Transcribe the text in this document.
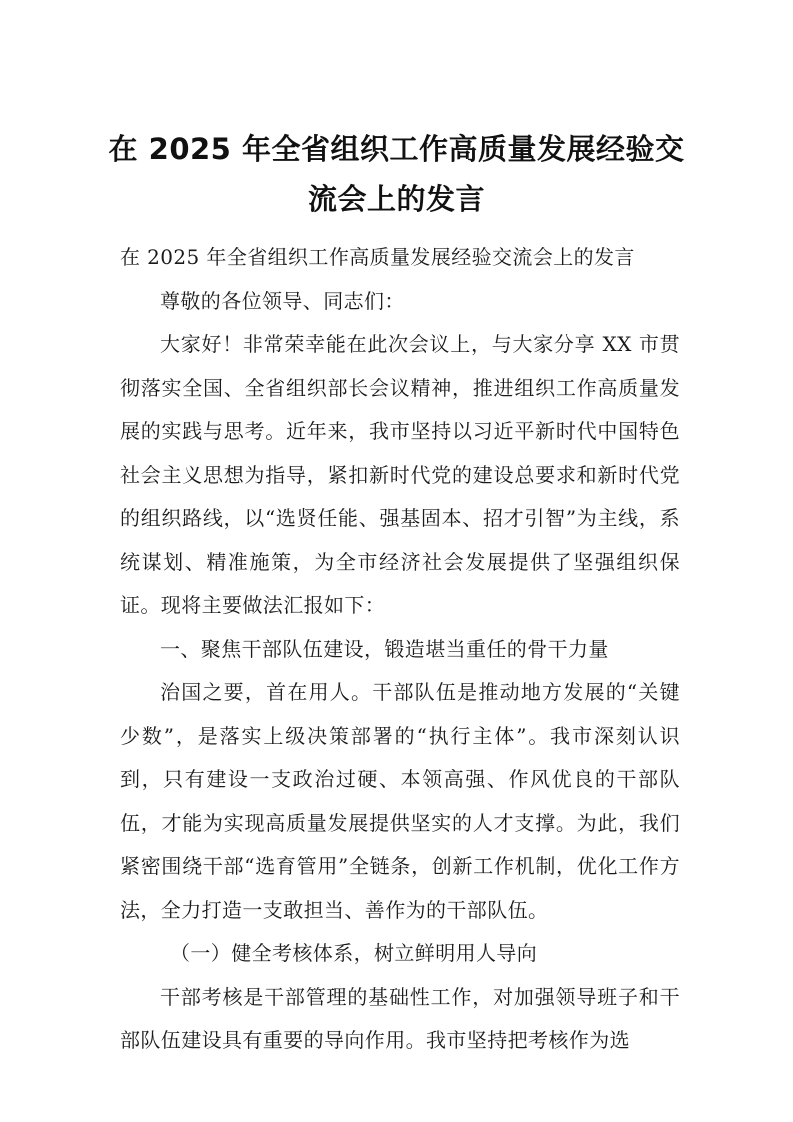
在 2025 年全省组织工作高质量发展经验交流会上的发言

在 2025 年全省组织工作高质量发展经验交流会上的发言

尊敬的各位领导、同志们：

大家好！非常荣幸能在此次会议上，与大家分享 XX 市贯彻落实全国、全省组织部长会议精神，推进组织工作高质量发展的实践与思考。近年来，我市坚持以习近平新时代中国特色社会主义思想为指导，紧扣新时代党的建设总要求和新时代党的组织路线，以“选贤任能、强基固本、招才引智”为主线，系统谋划、精准施策，为全市经济社会发展提供了坚强组织保证。现将主要做法汇报如下：

一、聚焦干部队伍建设，锻造堪当重任的骨干力量

治国之要，首在用人。干部队伍是推动地方发展的“关键少数”，是落实上级决策部署的“执行主体”。我市深刻认识到，只有建设一支政治过硬、本领高强、作风优良的干部队伍，才能为实现高质量发展提供坚实的人才支撑。为此，我们紧密围绕干部“选育管用”全链条，创新工作机制，优化工作方法，全力打造一支敢担当、善作为的干部队伍。

（一）健全考核体系，树立鲜明用人导向

干部考核是干部管理的基础性工作，对加强领导班子和干部队伍建设具有重要的导向作用。我市坚持把考核作为选
